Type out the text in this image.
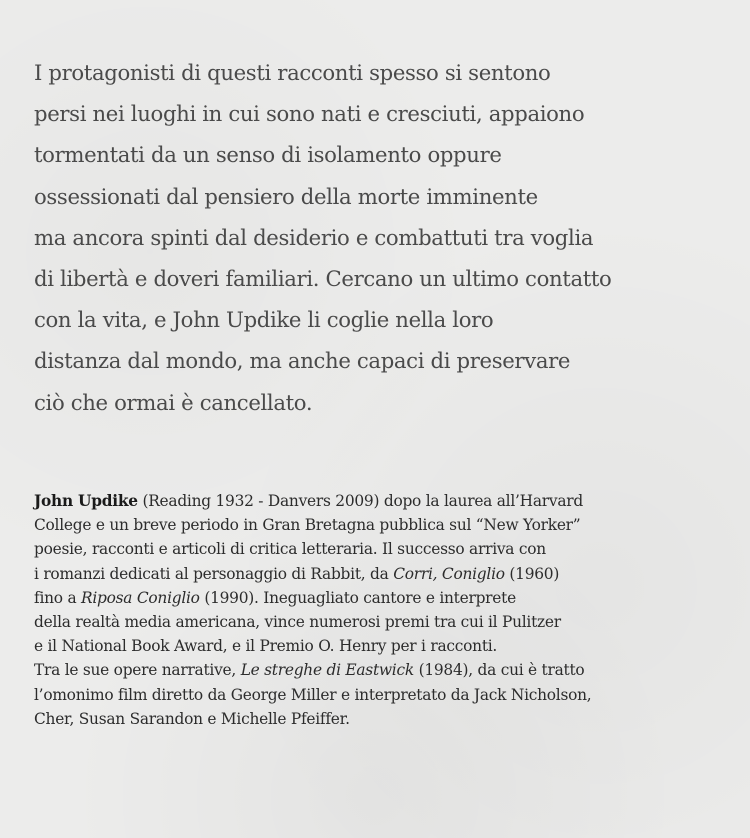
I protagonisti di questi racconti spesso si sentono
persi nei luoghi in cui sono nati e cresciuti, appaiono
tormentati da un senso di isolamento oppure
ossessionati dal pensiero della morte imminente
ma ancora spinti dal desiderio e combattuti tra voglia
di libertà e doveri familiari. Cercano un ultimo contatto
con la vita, e John Updike li coglie nella loro
distanza dal mondo, ma anche capaci di preservare
ciò che ormai è cancellato.
John Updike (Reading 1932 - Danvers 2009) dopo la laurea all’Harvard
College e un breve periodo in Gran Bretagna pubblica sul “New Yorker”
poesie, racconti e articoli di critica letteraria. Il successo arriva con
i romanzi dedicati al personaggio di Rabbit, da Corri, Coniglio (1960)
fino a Riposa Coniglio (1990). Ineguagliato cantore e interprete
della realtà media americana, vince numerosi premi tra cui il Pulitzer
e il National Book Award, e il Premio O. Henry per i racconti.
Tra le sue opere narrative, Le streghe di Eastwick (1984), da cui è tratto
l’omonimo film diretto da George Miller e interpretato da Jack Nicholson,
Cher, Susan Sarandon e Michelle Pfeiffer.
